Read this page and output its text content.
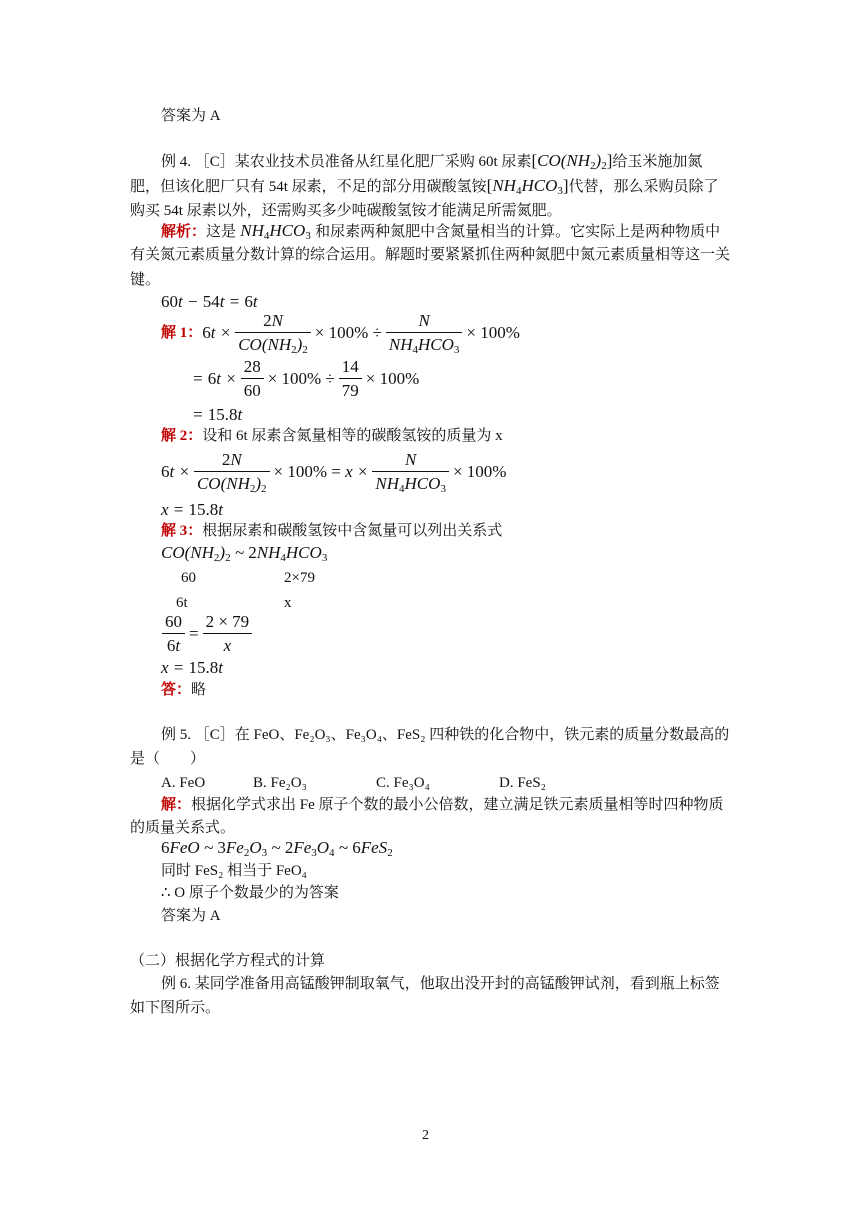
答案为 A
例 4. ［C］某农业技术员准备从红星化肥厂采购 60t 尿素$[CO(NH_2)_2]$给玉米施加氮
肥，但该化肥厂只有 54t 尿素，不足的部分用碳酸氢铵$[NH_4HCO_3]$代替，那么采购员除了
购买 54t 尿素以外，还需购买多少吨碳酸氢铵才能满足所需氮肥。
解析：这是 $NH_4HCO_3$ 和尿素两种氮肥中含氮量相当的计算。它实际上是两种物质中
有关氮元素质量分数计算的综合运用。解题时要紧紧抓住两种氮肥中氮元素质量相等这一关
键。
60t − 54t = 6t
解 1：$6t \times \frac{2N}{CO(NH_2)_2} \times 100\% \div \frac{N}{NH_4HCO_3} \times 100\%$
= $6t \times \frac{28}{60} \times 100\% \div \frac{14}{79} \times 100\%$
= 15.8t
解 2：设和 6t 尿素含氮量相等的碳酸氢铵的质量为 x
$6t \times \frac{2N}{CO(NH_2)_2} \times 100\% = x \times \frac{N}{NH_4HCO_3} \times 100\%$
x = 15.8t
解 3：根据尿素和碳酸氢铵中含氮量可以列出关系式
$CO(NH_2)_2$ ~ $2NH_4HCO_3$
60	2×79
6t	x
$\frac{60}{6t} = \frac{2 \times 79}{x}$
x = 15.8t
答：略
例 5. ［C］在 FeO、Fe₂O₃、Fe₃O₄、FeS₂ 四种铁的化合物中，铁元素的质量分数最高的
是（　　）
A. FeO	B. Fe₂O₃	C. Fe₃O₄	D. FeS₂
解：根据化学式求出 Fe 原子个数的最小公倍数，建立满足铁元素质量相等时四种物质
的质量关系式。
6FeO ~ $3Fe_2O_3$ ~ $2Fe_3O_4$ ~ 6FeS$_2$
同时 FeS₂ 相当于 FeO₄
∴ O 原子个数最少的为答案
答案为 A
（二）根据化学方程式的计算
例 6. 某同学准备用高锰酸钾制取氧气，他取出没开封的高锰酸钾试剂，看到瓶上标签
如下图所示。
2
